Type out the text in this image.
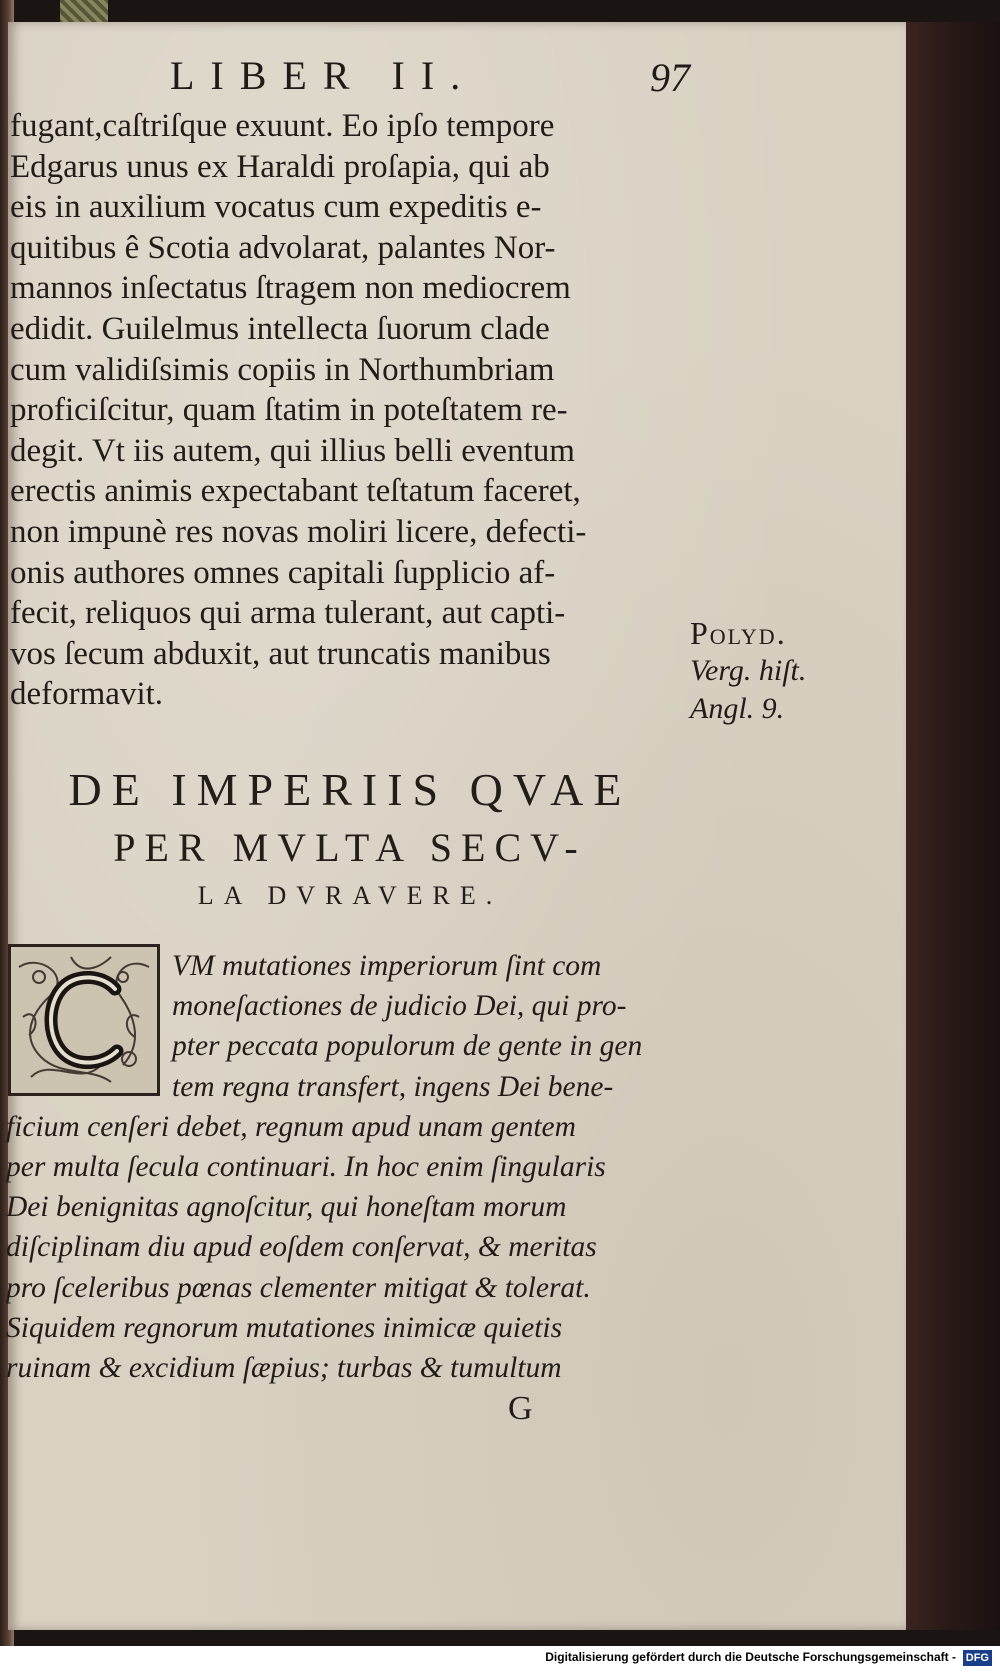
LIBER II.	97
fugant,caſtriſque exuunt. Eo ipſo tempore
Edgarus unus ex Haraldi proſapia, qui ab
eis in auxilium vocatus cum expeditis e-
quitibus ê Scotia advolarat, palantes Nor-
mannos inſectatus ſtragem non mediocrem
edidit. Guilelmus intellecta ſuorum clade
cum validiſsimis copiis in Northumbriam
proficiſcitur, quam ſtatim in poteſtatem re-
degit. Vt iis autem, qui illius belli eventum
erectis animis expectabant teſtatum faceret,
non impunè res novas moliri licere, defecti-
onis authores omnes capitali ſupplicio af-
fecit, reliquos qui arma tulerant, aut capti-
vos ſecum abduxit, aut truncatis manibus
deformavit.
Polyd.
Verg. hiſt.
Angl. 9.
DE IMPERIIS QVAE
PER MVLTA SECV-
LA DVRAVERE.
VM mutationes imperiorum ſint com
moneſactiones de judicio Dei, qui pro-
pter peccata populorum de gente in gen
tem regna transfert, ingens Dei bene-
ficium cenſeri debet, regnum apud unam gentem
per multa ſecula continuari. In hoc enim ſingularis
Dei benignitas agnoſcitur, qui honeſtam morum
diſciplinam diu apud eoſdem conſervat, & meritas
pro ſceleribus pœnas clementer mitigat & tolerat.
Siquidem regnorum mutationes inimicæ quietis
ruinam & excidium ſæpius; turbas & tumultum
G
Digitalisierung gefördert durch die Deutsche Forschungsgemeinschaft - DFG
